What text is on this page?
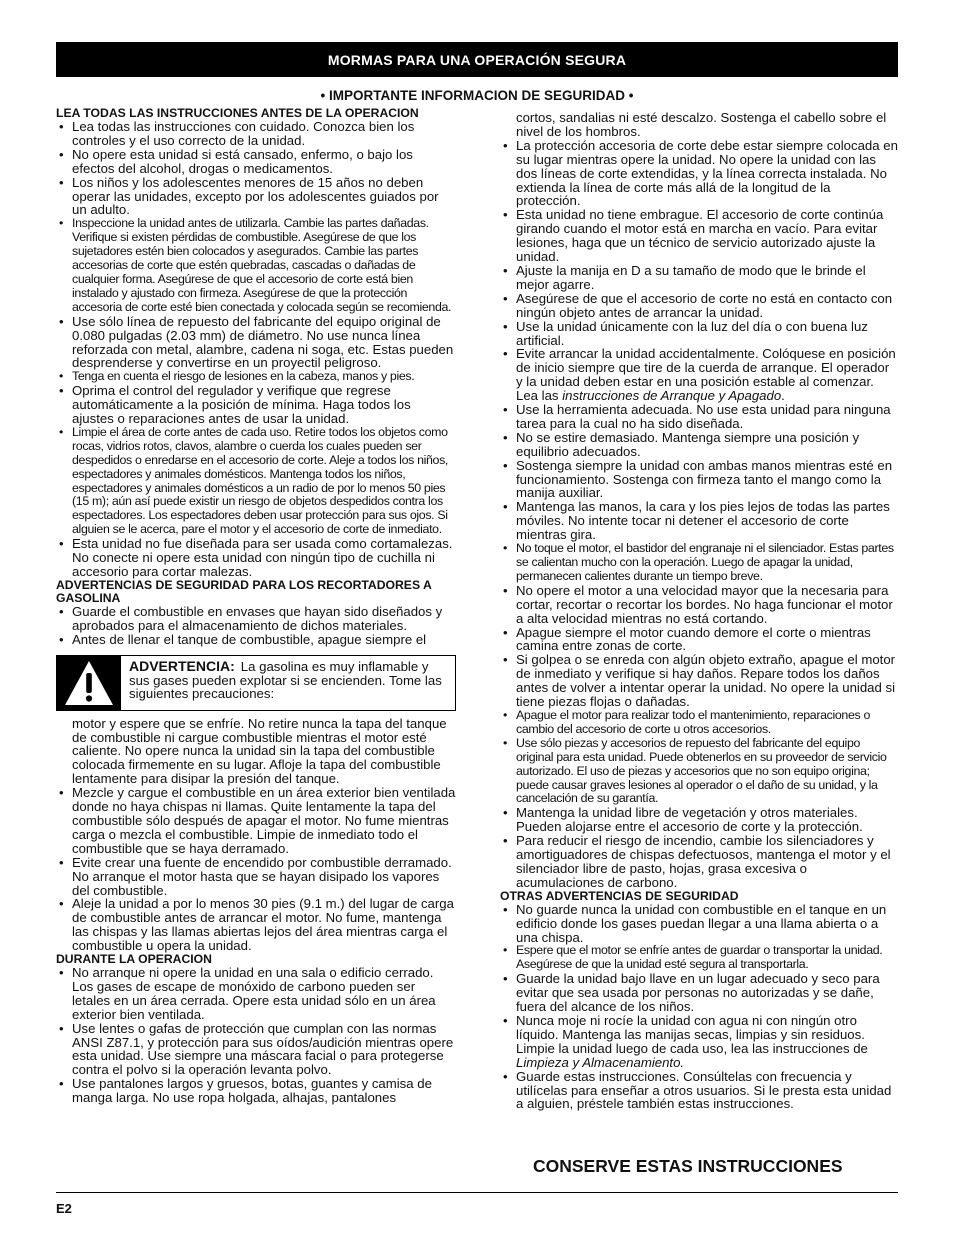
MORMAS PARA UNA OPERACIÓN SEGURA
• IMPORTANTE INFORMACION DE SEGURIDAD •

LEA TODAS LAS INSTRUCCIONES ANTES DE LA OPERACION

• Lea todas las instrucciones con cuidado. Conozca bien los controles y el uso correcto de la unidad.
• No opere esta unidad si está cansado, enfermo, o bajo los efectos del alcohol, drogas o medicamentos.
• Los niños y los adolescentes menores de 15 años no deben operar las unidades, excepto por los adolescentes guiados por un adulto.
• Inspeccione la unidad antes de utilizarla. Cambie las partes dañadas. Verifique si existen pérdidas de combustible. Asegúrese de que los sujetadores estén bien colocados y asegurados. Cambie las partes accesorias de corte que estén quebradas, cascadas o dañadas de cualquier forma. Asegúrese de que el accesorio de corte está bien instalado y ajustado con firmeza. Asegúrese de que la protección accesoria de corte esté bien conectada y colocada según se recomienda.
• Use sólo línea de repuesto del fabricante del equipo original de 0.080 pulgadas (2.03 mm) de diámetro. No use nunca línea reforzada con metal, alambre, cadena ni soga, etc. Estas pueden desprenderse y convertirse en un proyectil peligroso.
• Tenga en cuenta el riesgo de lesiones en la cabeza, manos y pies.
• Oprima el control del regulador y verifique que regrese automáticamente a la posición de mínima. Haga todos los ajustes o reparaciones antes de usar la unidad.
• Limpie el área de corte antes de cada uso. Retire todos los objetos como rocas, vidrios rotos, clavos, alambre o cuerda los cuales pueden ser despedidos o enredarse en el accesorio de corte. Aleje a todos los niños, espectadores y animales domésticos. Mantenga todos los niños, espectadores y animales domésticos a un radio de por lo menos 50 pies (15 m); aún así puede existir un riesgo de objetos despedidos contra los espectadores. Los espectadores deben usar protección para sus ojos. Si alguien se le acerca, pare el motor y el accesorio de corte de inmediato.
• Esta unidad no fue diseñada para ser usada como cortamalezas. No conecte ni opere esta unidad con ningún tipo de cuchilla ni accesorio para cortar malezas.

ADVERTENCIAS DE SEGURIDAD PARA LOS RECORTADORES A GASOLINA

• Guarde el combustible en envases que hayan sido diseñados y aprobados para el almacenamiento de dichos materiales.
• Antes de llenar el tanque de combustible, apague siempre el
ADVERTENCIA: La gasolina es muy inflamable y sus gases pueden explotar si se encienden. Tome las siguientes precauciones:

motor y espere que se enfríe. No retire nunca la tapa del tanque de combustible ni cargue combustible mientras el motor esté caliente. No opere nunca la unidad sin la tapa del combustible colocada firmemente en su lugar. Afloje la tapa del combustible lentamente para disipar la presión del tanque.

• Mezcle y cargue el combustible en un área exterior bien ventilada donde no haya chispas ni llamas. Quite lentamente la tapa del combustible sólo después de apagar el motor. No fume mientras carga o mezcla el combustible. Limpie de inmediato todo el combustible que se haya derramado.
• Evite crear una fuente de encendido por combustible derramado. No arranque el motor hasta que se hayan disipado los vapores del combustible.
• Aleje la unidad a por lo menos 30 pies (9.1 m.) del lugar de carga de combustible antes de arrancar el motor. No fume, mantenga las chispas y las llamas abiertas lejos del área mientras carga el combustible u opera la unidad.

DURANTE LA OPERACION

• No arranque ni opere la unidad en una sala o edificio cerrado. Los gases de escape de monóxido de carbono pueden ser letales en un área cerrada. Opere esta unidad sólo en un área exterior bien ventilada.
• Use lentes o gafas de protección que cumplan con las normas ANSI Z87.1, y protección para sus oídos/audición mientras opere esta unidad. Use siempre una máscara facial o para protegerse contra el polvo si la operación levanta polvo.
• Use pantalones largos y gruesos, botas, guantes y camisa de manga larga. No use ropa holgada, alhajas, pantalones

cortos, sandalias ni esté descalzo. Sostenga el cabello sobre el nivel de los hombros.

• La protección accesoria de corte debe estar siempre colocada en su lugar mientras opere la unidad. No opere la unidad con las dos líneas de corte extendidas, y la línea correcta instalada. No extienda la línea de corte más allá de la longitud de la protección.
• Esta unidad no tiene embrague. El accesorio de corte continúa girando cuando el motor está en marcha en vacío. Para evitar lesiones, haga que un técnico de servicio autorizado ajuste la unidad.
• Ajuste la manija en D a su tamaño de modo que le brinde el mejor agarre.
• Asegúrese de que el accesorio de corte no está en contacto con ningún objeto antes de arrancar la unidad.
• Use la unidad únicamente con la luz del día o con buena luz artificial.
• Evite arrancar la unidad accidentalmente. Colóquese en posición de inicio siempre que tire de la cuerda de arranque. El operador y la unidad deben estar en una posición estable al comenzar. Lea las instrucciones de Arranque y Apagado.
• Use la herramienta adecuada. No use esta unidad para ninguna tarea para la cual no ha sido diseñada.
• No se estire demasiado. Mantenga siempre una posición y equilibrio adecuados.
• Sostenga siempre la unidad con ambas manos mientras esté en funcionamiento. Sostenga con firmeza tanto el mango como la manija auxiliar.
• Mantenga las manos, la cara y los pies lejos de todas las partes móviles. No intente tocar ni detener el accesorio de corte mientras gira.
• No toque el motor, el bastidor del engranaje ni el silenciador. Estas partes se calientan mucho con la operación. Luego de apagar la unidad, permanecen calientes durante un tiempo breve.
• No opere el motor a una velocidad mayor que la necesaria para cortar, recortar o recortar los bordes. No haga funcionar el motor a alta velocidad mientras no está cortando.
• Apague siempre el motor cuando demore el corte o mientras camina entre zonas de corte.
• Si golpea o se enreda con algún objeto extraño, apague el motor de inmediato y verifique si hay daños. Repare todos los daños antes de volver a intentar operar la unidad. No opere la unidad si tiene piezas flojas o dañadas.
• Apague el motor para realizar todo el mantenimiento, reparaciones o cambio del accesorio de corte u otros accesorios.
• Use sólo piezas y accesorios de repuesto del fabricante del equipo original para esta unidad. Puede obtenerlos en su proveedor de servicio autorizado. El uso de piezas y accesorios que no son equipo origina; puede causar graves lesiones al operador o el daño de su unidad, y la cancelación de su garantía.
• Mantenga la unidad libre de vegetación y otros materiales. Pueden alojarse entre el accesorio de corte y la protección.
• Para reducir el riesgo de incendio, cambie los silenciadores y amortiguadores de chispas defectuosos, mantenga el motor y el silenciador libre de pasto, hojas, grasa excesiva o acumulaciones de carbono.

OTRAS ADVERTENCIAS DE SEGURIDAD

• No guarde nunca la unidad con combustible en el tanque en un edificio donde los gases puedan llegar a una llama abierta o a una chispa.
• Espere que el motor se enfríe antes de guardar o transportar la unidad. Asegúrese de que la unidad esté segura al transportarla.
• Guarde la unidad bajo llave en un lugar adecuado y seco para evitar que sea usada por personas no autorizadas y se dañe, fuera del alcance de los niños.
• Nunca moje ni rocíe la unidad con agua ni con ningún otro líquido. Mantenga las manijas secas, limpias y sin residuos. Limpie la unidad luego de cada uso, lea las instrucciones de Limpieza y Almacenamiento.
• Guarde estas instrucciones. Consúltelas con frecuencia y utilícelas para enseñar a otros usuarios. Si le presta esta unidad a alguien, préstele también estas instrucciones.
CONSERVE ESTAS INSTRUCCIONES
E2
